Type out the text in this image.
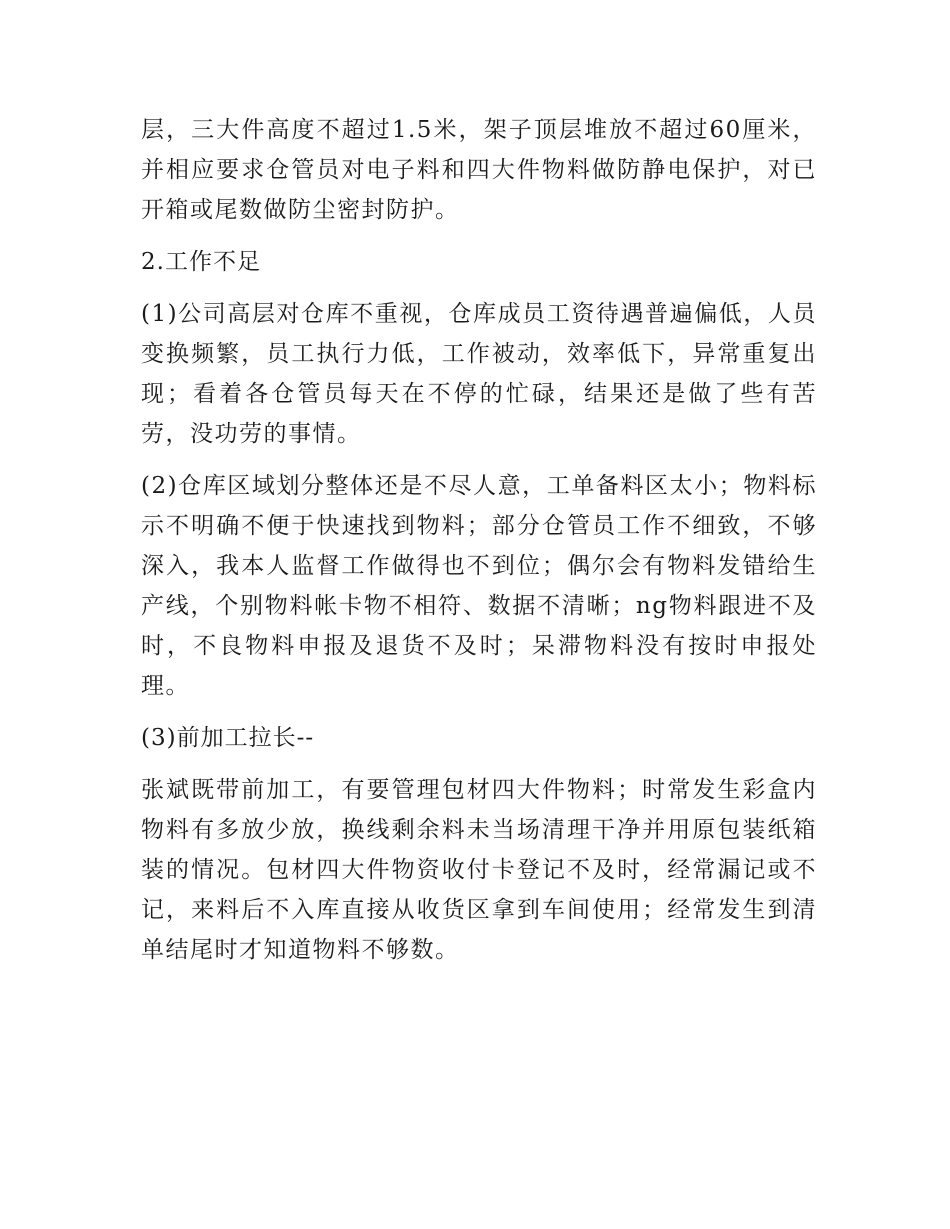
层，三大件高度不超过1.5米，架子顶层堆放不超过60厘米，并相应要求仓管员对电子料和四大件物料做防静电保护，对已开箱或尾数做防尘密封防护。

2.工作不足

(1)公司高层对仓库不重视，仓库成员工资待遇普遍偏低，人员变换频繁，员工执行力低，工作被动，效率低下，异常重复出现；看着各仓管员每天在不停的忙碌，结果还是做了些有苦劳，没功劳的事情。

(2)仓库区域划分整体还是不尽人意，工单备料区太小；物料标示不明确不便于快速找到物料；部分仓管员工作不细致，不够深入，我本人监督工作做得也不到位；偶尔会有物料发错给生产线，个别物料帐卡物不相符、数据不清晰；ng物料跟进不及时，不良物料申报及退货不及时；呆滞物料没有按时申报处理。

(3)前加工拉长--

张斌既带前加工，有要管理包材四大件物料；时常发生彩盒内物料有多放少放，换线剩余料未当场清理干净并用原包装纸箱装的情况。包材四大件物资收付卡登记不及时，经常漏记或不记，来料后不入库直接从收货区拿到车间使用；经常发生到清单结尾时才知道物料不够数。
